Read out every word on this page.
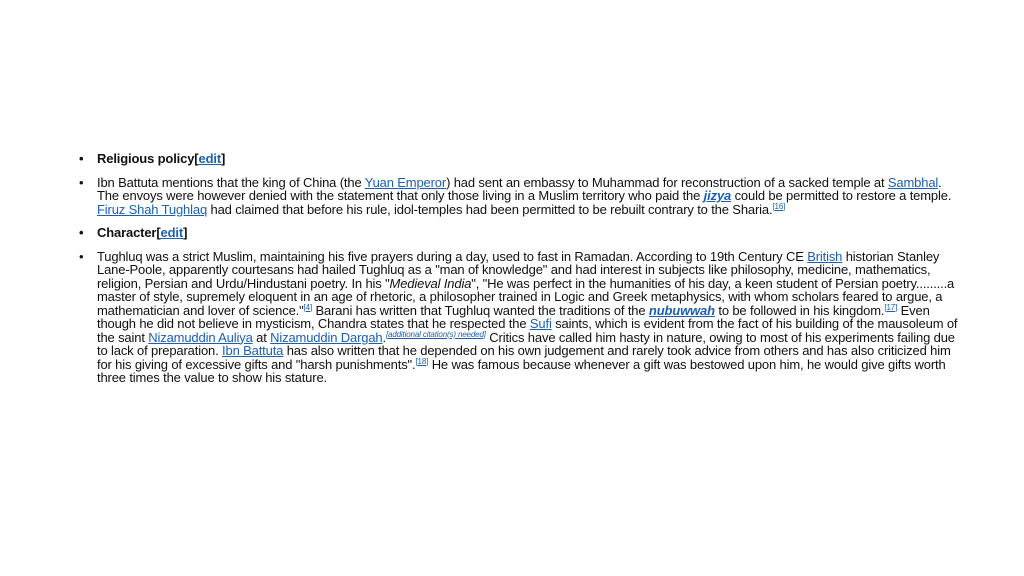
• Religious policy[edit]
• Ibn Battuta mentions that the king of China (the Yuan Emperor) had sent an embassy to Muhammad for reconstruction of a sacked temple at Sambhal. The envoys were however denied with the statement that only those living in a Muslim territory who paid the jizya could be permitted to restore a temple. Firuz Shah Tughlaq had claimed that before his rule, idol-temples had been permitted to be rebuilt contrary to the Sharia.[16]
• Character[edit]
• Tughluq was a strict Muslim, maintaining his five prayers during a day, used to fast in Ramadan. According to 19th Century CE British historian Stanley Lane-Poole, apparently courtesans had hailed Tughluq as a "man of knowledge" and had interest in subjects like philosophy, medicine, mathematics, religion, Persian and Urdu/Hindustani poetry. In his "Medieval India", "He was perfect in the humanities of his day, a keen student of Persian poetry.........a master of style, supremely eloquent in an age of rhetoric, a philosopher trained in Logic and Greek metaphysics, with whom scholars feared to argue, a mathematician and lover of science."[4] Barani has written that Tughluq wanted the traditions of the nubuwwah to be followed in his kingdom.[17] Even though he did not believe in mysticism, Chandra states that he respected the Sufi saints, which is evident from the fact of his building of the mausoleum of the saint Nizamuddin Auliya at Nizamuddin Dargah.[additional citation(s) needed] Critics have called him hasty in nature, owing to most of his experiments failing due to lack of preparation. Ibn Battuta has also written that he depended on his own judgement and rarely took advice from others and has also criticized him for his giving of excessive gifts and "harsh punishments".[18] He was famous because whenever a gift was bestowed upon him, he would give gifts worth three times the value to show his stature.
